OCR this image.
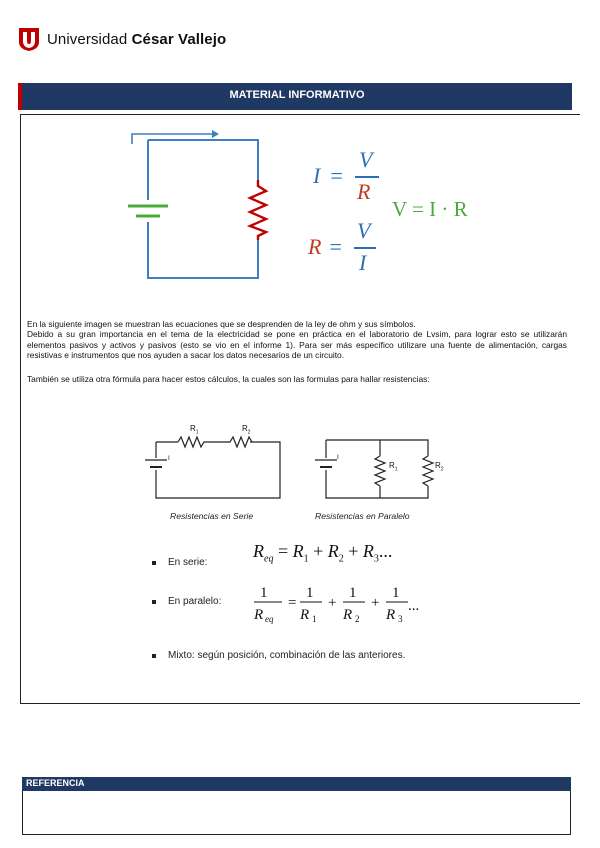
Universidad César Vallejo
MATERIAL INFORMATIVO
I =
V
R
R =
V
I
V = I · R
En la siguiente imagen se muestran las ecuaciones que se desprenden de la ley de ohm y sus símbolos.
Debido a su gran importancia en el tema de la electricidad se pone en práctica en el laboratorio de Lvsim, para lograr esto se utilizarán elementos pasivos y activos y pasivos (esto se vio en el informe 1). Para ser más específico utilizare una fuente de alimentación, cargas resistivas e instrumentos que nos ayuden a sacar los datos necesarios de un circuito.
También se utiliza otra fórmula para hacer estos cálculos, la cuales son las formulas para hallar resistencias:
$R_1$	$R_2$
I
Resistencias en Serie
I
$R_1$	$R_2$
Resistencias en Paralelo
En serie:
$R_{eq} = R_1 + R_2 + R_3$...
En paralelo:
1
R eq
=
1
R 1
+
1
R 2
+
1
R 3
...
Mixto: según posición, combinación de las anteriores.
REFERENCIA
